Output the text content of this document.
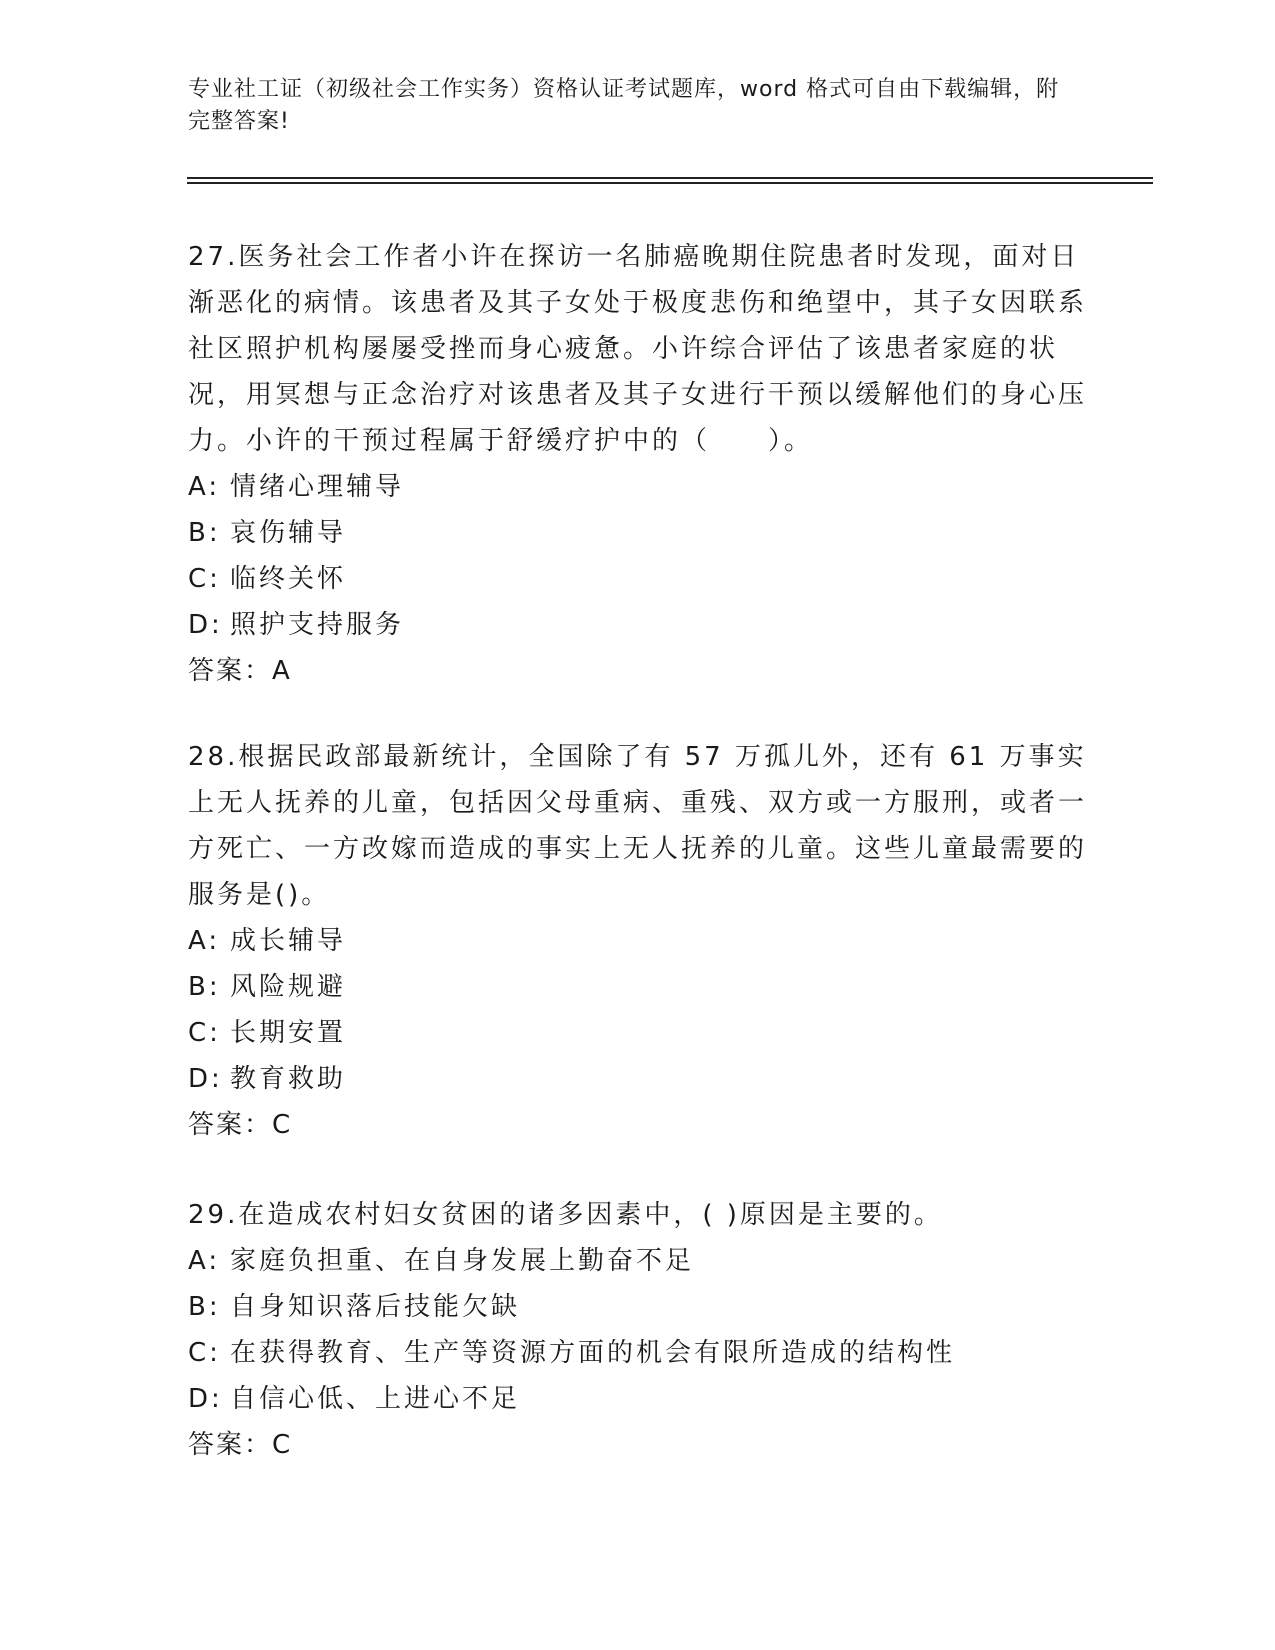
专业社工证（初级社会工作实务）资格认证考试题库，word 格式可自由下载编辑，附完整答案!

27.医务社会工作者小许在探访一名肺癌晚期住院患者时发现，面对日渐恶化的病情。该患者及其子女处于极度悲伤和绝望中，其子女因联系社区照护机构屡屡受挫而身心疲惫。小许综合评估了该患者家庭的状况，用冥想与正念治疗对该患者及其子女进行干预以缓解他们的身心压力。小许的干预过程属于舒缓疗护中的（　　）。

A: 情绪心理辅导
B: 哀伤辅导
C: 临终关怀
D: 照护支持服务
答案：A

28.根据民政部最新统计，全国除了有 57 万孤儿外，还有 61 万事实上无人抚养的儿童，包括因父母重病、重残、双方或一方服刑，或者一方死亡、一方改嫁而造成的事实上无人抚养的儿童。这些儿童最需要的服务是()。

A: 成长辅导
B: 风险规避
C: 长期安置
D: 教育救助
答案：C

29.在造成农村妇女贫困的诸多因素中，( )原因是主要的。

A: 家庭负担重、在自身发展上勤奋不足
B: 自身知识落后技能欠缺
C: 在获得教育、生产等资源方面的机会有限所造成的结构性
D: 自信心低、上进心不足
答案：C
